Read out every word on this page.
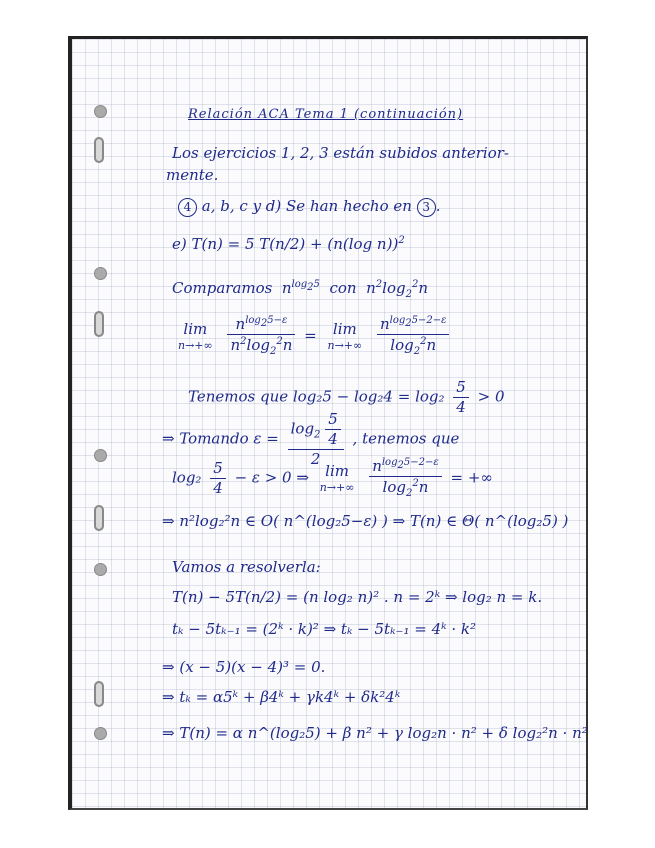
Relación ACA Tema 1 (continuación)
Los ejercicios 1, 2, 3 están subidos anterior-
mente.
4 a, b, c y d) Se han hecho en 3 .
e) T(n) = 5 T(n/2) + (n(log n))$^2$
Comparamos  $n^{log_25}$ con  $n^2\log_2^2n$
lim
n→+∞
$\frac{n^{log_25-\varepsilon}}{n^2\log_2^2n} = \lim$
n→+∞
$\frac{n^{log_25-2-\varepsilon}}{\log_2^2n}$
Tenemos que $\log_25 - \log_24 = \log_2 \frac{5}{4} > 0$
⇒ Tomando $\varepsilon = \frac{\log_2 \frac{5}{4}}{2}$ , tenemos que
$\log_2 \frac{5}{4} - \varepsilon > 0$ ⇒	lim
n→+∞
$\frac{n^{log_25-2-\varepsilon}}{\log_2^2n}$ = +∞
⇒ n²log₂²n ∈ O( n^(log₂5−ε) ) ⇒ T(n) ∈ Θ( n^(log₂5) )
Vamos a resolverla:
T(n) − 5T(n/2) = (n log₂ n)² . n = 2ᵏ ⇒ log₂ n = k.
tₖ − 5tₖ₋₁ = (2ᵏ · k)² ⇒ tₖ − 5tₖ₋₁ = 4ᵏ · k²
⇒ (x − 5)(x − 4)³ = 0.
⇒ tₖ = α5ᵏ + β4ᵏ + γk4ᵏ + δk²4ᵏ
⇒ T(n) = α n^(log₂5) + β n² + γ log₂n · n² + δ log₂²n · n²
